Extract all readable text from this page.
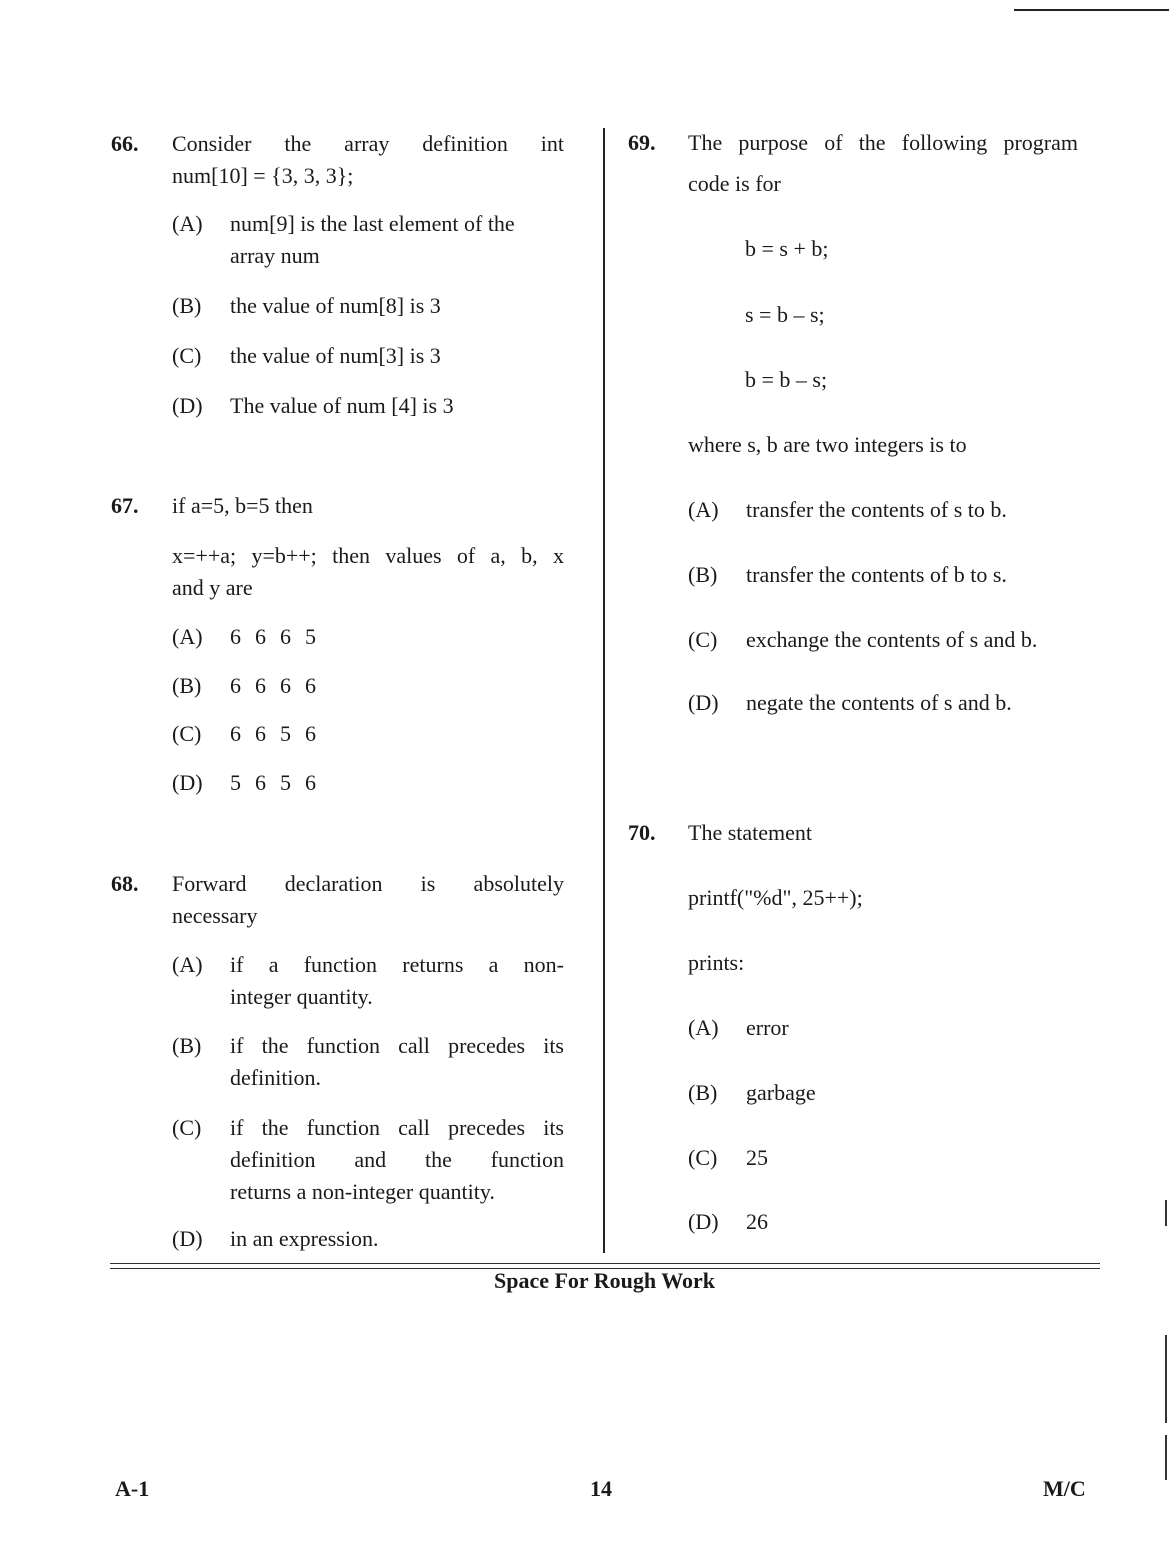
66. Consider the array definition int
num[10] = {3, 3, 3};
(A)	num[9] is the last element of the
array num
(B)	the value of num[8] is 3
(C)	the value of num[3] is 3
(D)	The value of num [4] is 3
67. if a=5, b=5 then
x=++a; y=b++; then values of a, b, x
and y are
(A)	6 6 6 5
(B)	6 6 6 6
(C)	6 6 5 6
(D)	5 6 5 6
68. Forward declaration is absolutely
necessary
(A)	if a function returns a non-
integer quantity.
(B)	if the function call precedes its
definition.
(C)	if the function call precedes its
definition and the function
returns a non-integer quantity.
(D)	in an expression.
69. The purpose of the following program
code is for
b = s + b;
s = b – s;
b = b – s;
where s, b are two integers is to
(A)	transfer the contents of s to b.
(B)	transfer the contents of b to s.
(C)	exchange the contents of s and b.
(D)	negate the contents of s and b.
70. The statement
printf("%d", 25++);
prints:
(A)	error
(B)	garbage
(C)	25
(D)	26
Space For Rough Work
A-1	14	M/C
